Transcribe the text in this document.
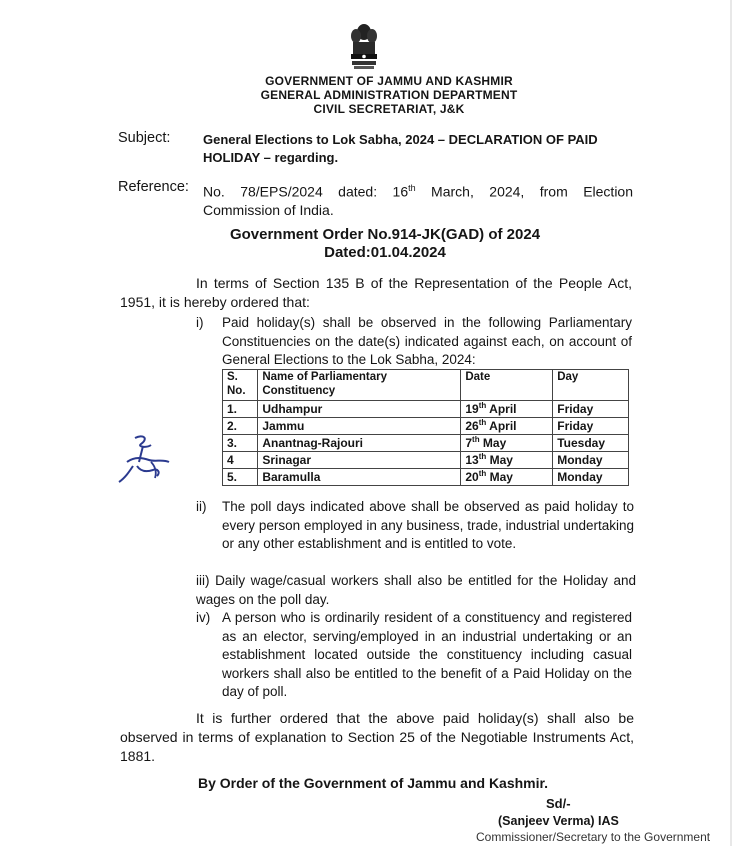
GOVERNMENT OF JAMMU AND KASHMIR
GENERAL ADMINISTRATION DEPARTMENT
CIVIL SECRETARIAT, J&K
Subject:	General Elections to Lok Sabha, 2024 – DECLARATION OF PAID HOLIDAY – regarding.
Reference: No. 78/EPS/2024 dated: 16th March, 2024, from Election Commission of India.
Government Order No.914-JK(GAD) of 2024
Dated:01.04.2024
In terms of Section 135 B of the Representation of the People Act, 1951, it is hereby ordered that:
i) Paid holiday(s) shall be observed in the following Parliamentary Constituencies on the date(s) indicated against each, on account of General Elections to the Lok Sabha, 2024:
S. No.	Name of Parliamentary Constituency	Date	Day
1.	Udhampur	19th April	Friday
2.	Jammu	26th April	Friday
3.	Anantnag-Rajouri	7th May	Tuesday
4	Srinagar	13th May	Monday
5.	Baramulla	20th May	Monday
ii) The poll days indicated above shall be observed as paid holiday to every person employed in any business, trade, industrial undertaking or any other establishment and is entitled to vote.
iii) Daily wage/casual workers shall also be entitled for the Holiday and wages on the poll day.
iv) A person who is ordinarily resident of a constituency and registered as an elector, serving/employed in an industrial undertaking or an establishment located outside the constituency including casual workers shall also be entitled to the benefit of a Paid Holiday on the day of poll.
It is further ordered that the above paid holiday(s) shall also be observed in terms of explanation to Section 25 of the Negotiable Instruments Act, 1881.
By Order of the Government of Jammu and Kashmir.
Sd/-
(Sanjeev Verma) IAS
Commissioner/Secretary to the Government
